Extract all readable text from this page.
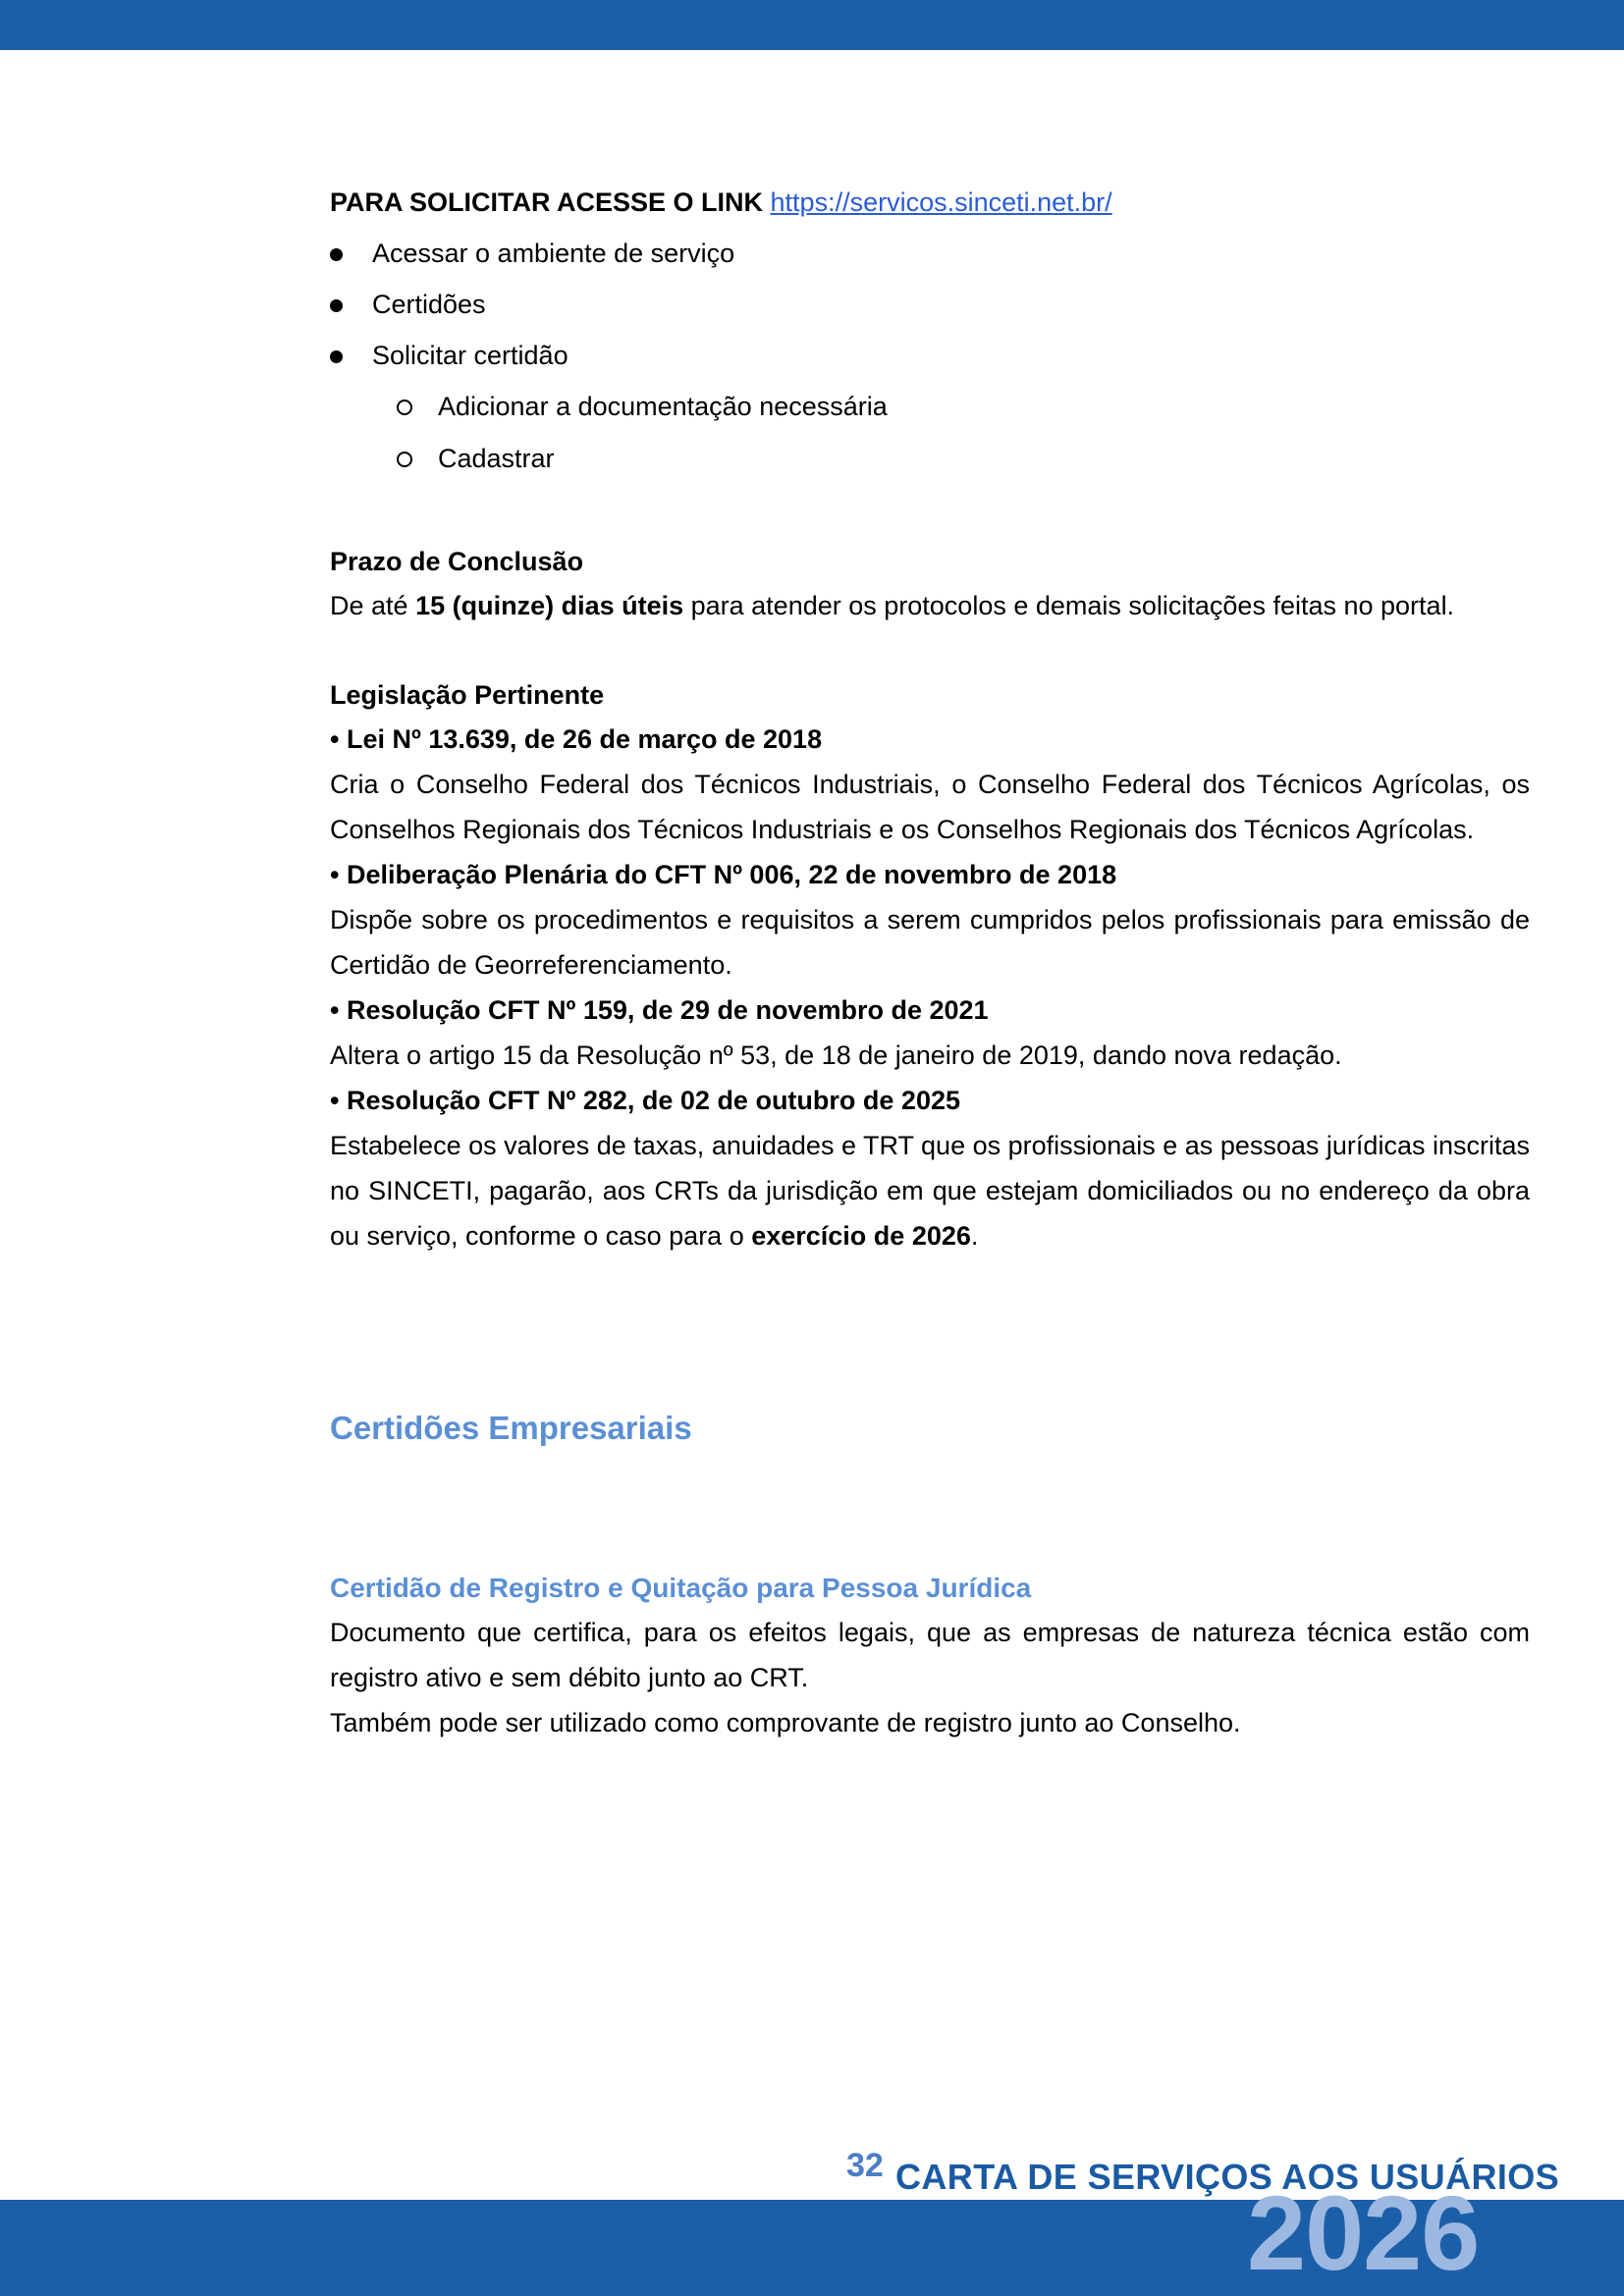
PARA SOLICITAR ACESSE O LINK https://servicos.sinceti.net.br/

Acessar o ambiente de serviço
Certidões
Solicitar certidão
Adicionar a documentação necessária
Cadastrar
Prazo de Conclusão

De até 15 (quinze) dias úteis para atender os protocolos e demais solicitações feitas no portal.

Legislação Pertinente

• Lei Nº 13.639, de 26 de março de 2018

Cria o Conselho Federal dos Técnicos Industriais, o Conselho Federal dos Técnicos Agrícolas, os Conselhos Regionais dos Técnicos Industriais e os Conselhos Regionais dos Técnicos Agrícolas.

• Deliberação Plenária do CFT Nº 006, 22 de novembro de 2018

Dispõe sobre os procedimentos e requisitos a serem cumpridos pelos profissionais para emissão de Certidão de Georreferenciamento.

• Resolução CFT Nº 159, de 29 de novembro de 2021

Altera o artigo 15 da Resolução nº 53, de 18 de janeiro de 2019, dando nova redação.

• Resolução CFT Nº 282, de 02 de outubro de 2025

Estabelece os valores de taxas, anuidades e TRT que os profissionais e as pessoas jurídicas inscritas no SINCETI, pagarão, aos CRTs da jurisdição em que estejam domiciliados ou no endereço da obra ou serviço, conforme o caso para o exercício de 2026.

Certidões Empresariais
Certidão de Registro e Quitação para Pessoa Jurídica

Documento que certifica, para os efeitos legais, que as empresas de natureza técnica estão com registro ativo e sem débito junto ao CRT.

Também pode ser utilizado como comprovante de registro junto ao Conselho.

32 CARTA DE SERVIÇOS AOS USUÁRIOS
2026
